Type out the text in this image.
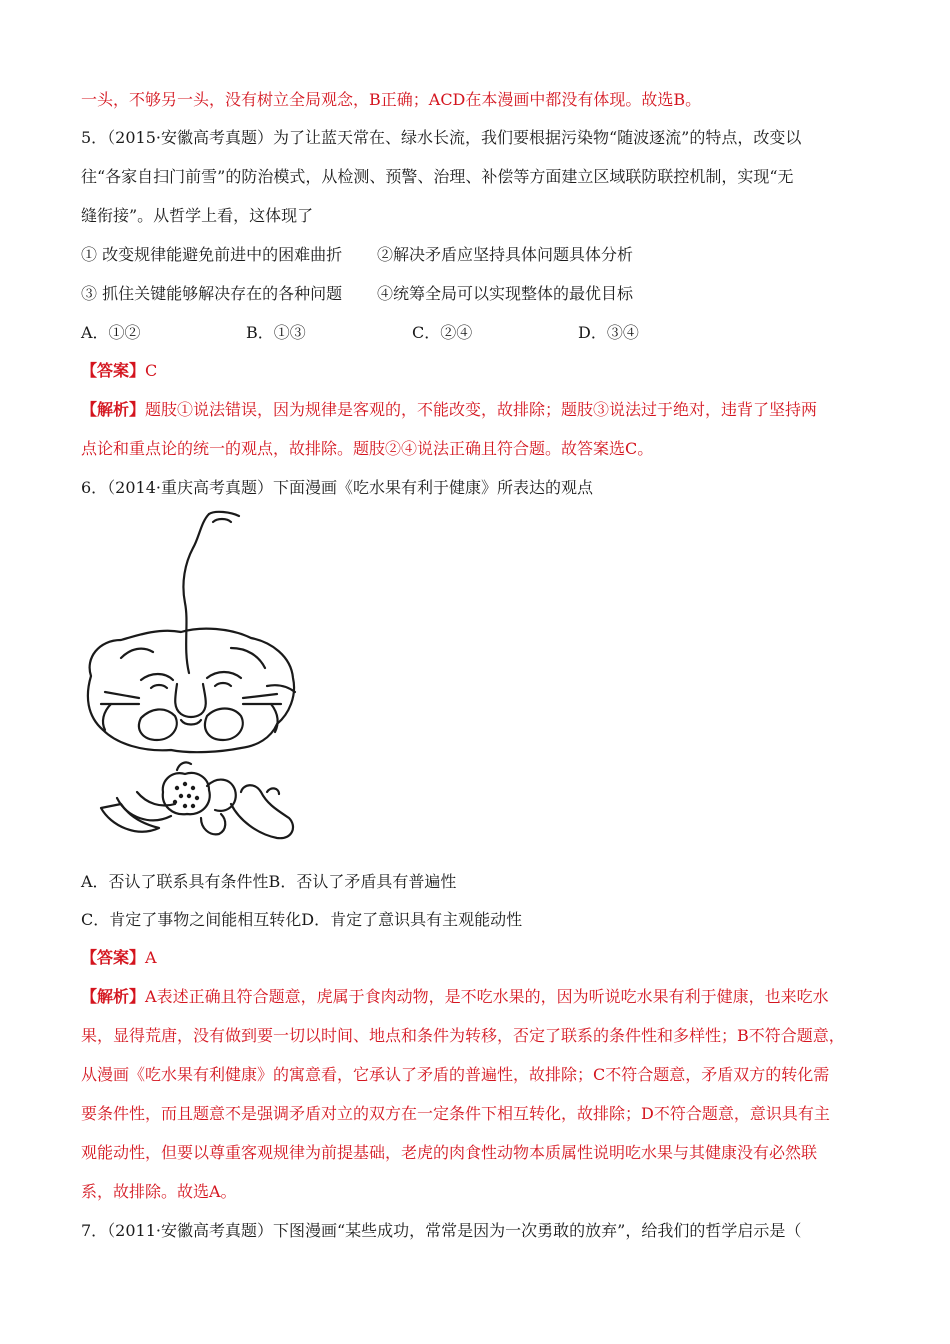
一头，不够另一头，没有树立全局观念，B正确；ACD在本漫画中都没有体现。故选B。
5．（2015·安徽高考真题）为了让蓝天常在、绿水长流，我们要根据污染物“随波逐流”的特点，改变以
往“各家自扫门前雪”的防治模式，从检测、预警、治理、补偿等方面建立区域联防联控机制，实现“无
缝衔接”。从哲学上看，这体现了
① 改变规律能避免前进中的困难曲折 ②解决矛盾应坚持具体问题具体分析
③ 抓住关键能够解决存在的各种问题 ④统筹全局可以实现整体的最优目标
A．①②	B．①③	C．②④	D．③④
【答案】C
【解析】题肢①说法错误，因为规律是客观的，不能改变，故排除；题肢③说法过于绝对，违背了坚持两
点论和重点论的统一的观点，故排除。题肢②④说法正确且符合题。故答案选C。
6．（2014·重庆高考真题）下面漫画《吃水果有利于健康》所表达的观点
A．否认了联系具有条件性B．否认了矛盾具有普遍性
C．肯定了事物之间能相互转化D．肯定了意识具有主观能动性
【答案】A
【解析】A表述正确且符合题意，虎属于食肉动物，是不吃水果的，因为听说吃水果有利于健康，也来吃水
果，显得荒唐，没有做到要一切以时间、地点和条件为转移，否定了联系的条件性和多样性；B不符合题意，
从漫画《吃水果有利健康》的寓意看，它承认了矛盾的普遍性，故排除；C不符合题意，矛盾双方的转化需
要条件性，而且题意不是强调矛盾对立的双方在一定条件下相互转化，故排除；D不符合题意，意识具有主
观能动性，但要以尊重客观规律为前提基础，老虎的肉食性动物本质属性说明吃水果与其健康没有必然联
系，故排除。故选A。
7．（2011·安徽高考真题）下图漫画“某些成功，常常是因为一次勇敢的放弃”，给我们的哲学启示是（
